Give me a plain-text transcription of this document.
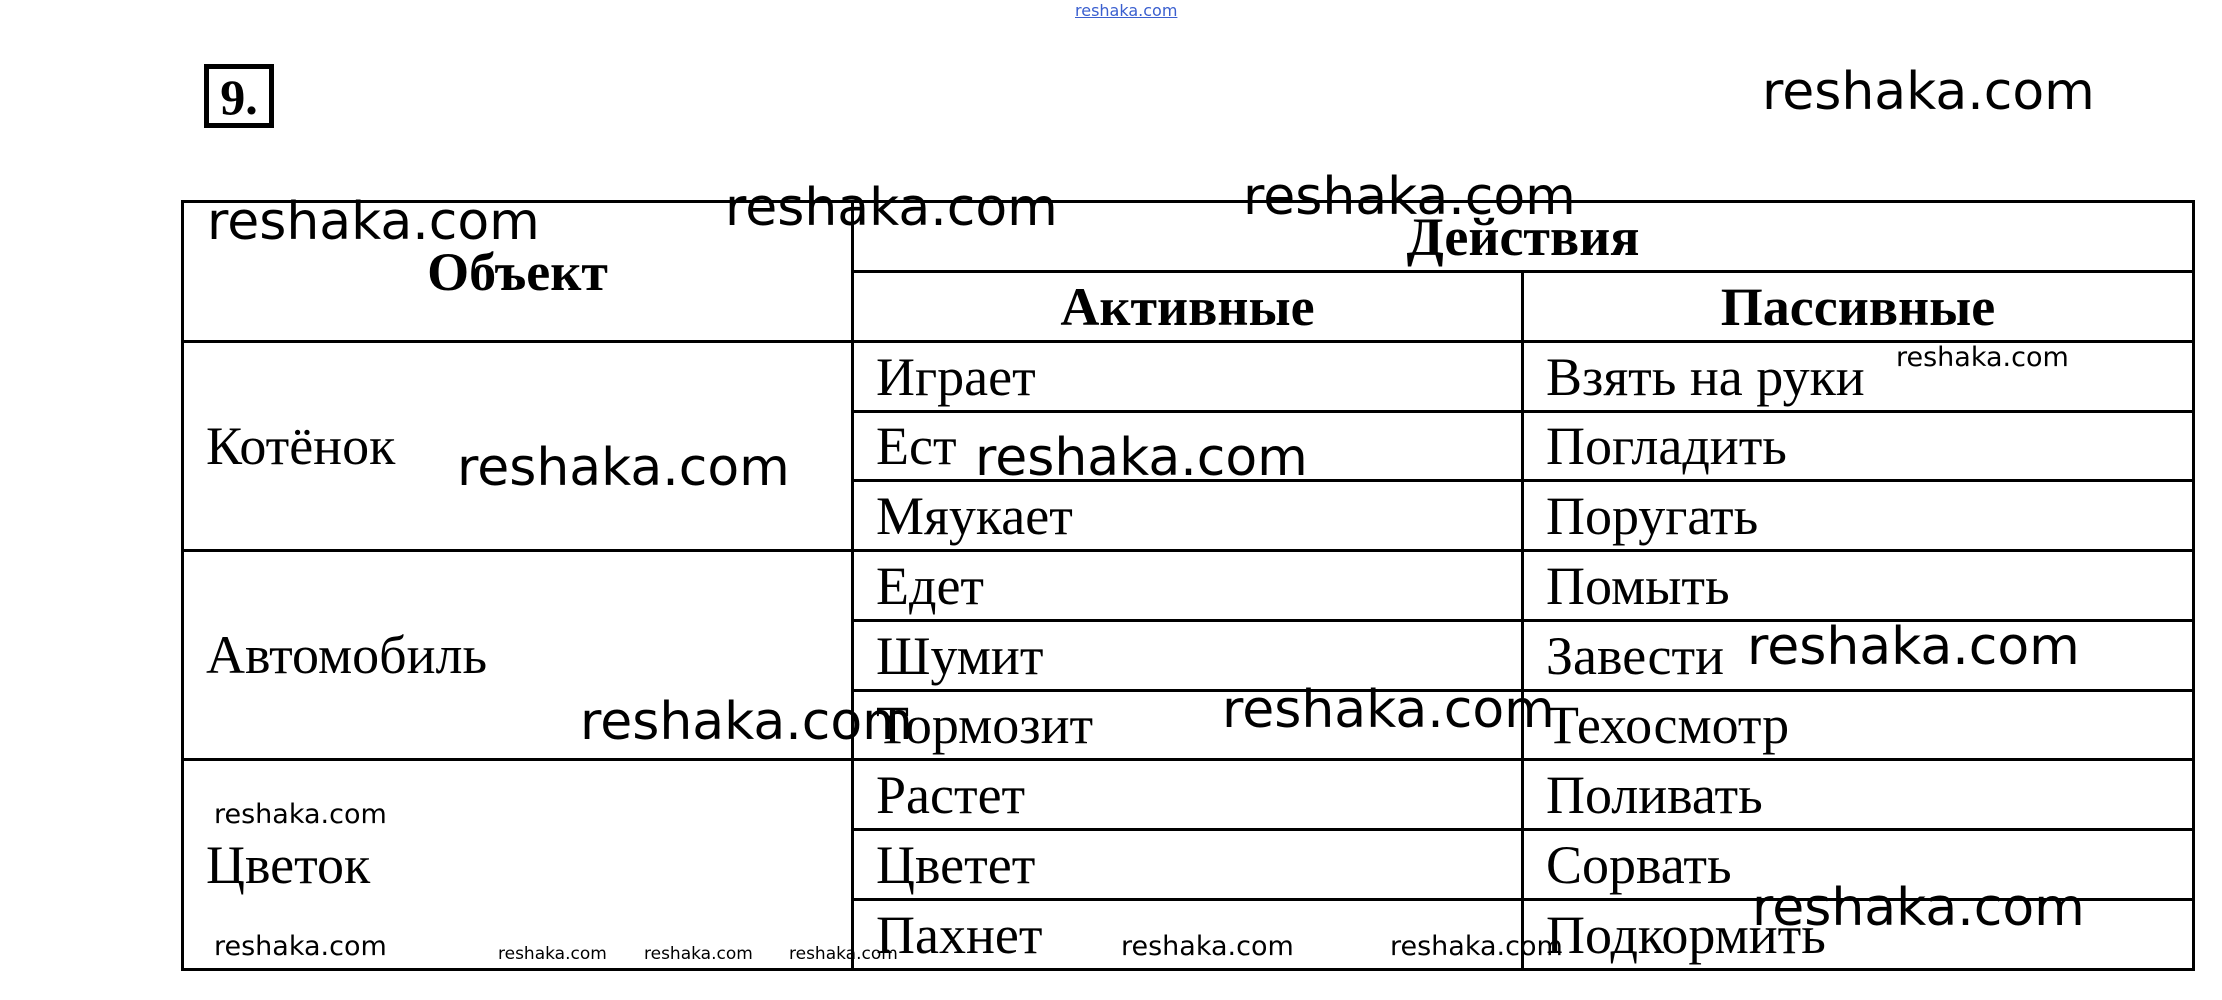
reshaka.com
9.
Объект	Действия	
	Активные	Пассивные
Котёнок	Играет	Взять на руки
	Ест	Погладить
	Мяукает	Поругать
Автомобиль	Едет	Помыть
	Шумит	Завести
	Тормозит	Техосмотр
Цветок	Растет	Поливать
	Цветет	Сорвать
	Пахнет	Подкормить
reshaka.com
reshaka.com	reshaka.com	reshaka.com
reshaka.com
reshaka.com
reshaka.com
reshaka.com
reshaka.com
reshaka.com
reshaka.com
reshaka.com
reshaka.com	reshaka.com reshaka.com reshaka.com	reshaka.com	reshaka.com
